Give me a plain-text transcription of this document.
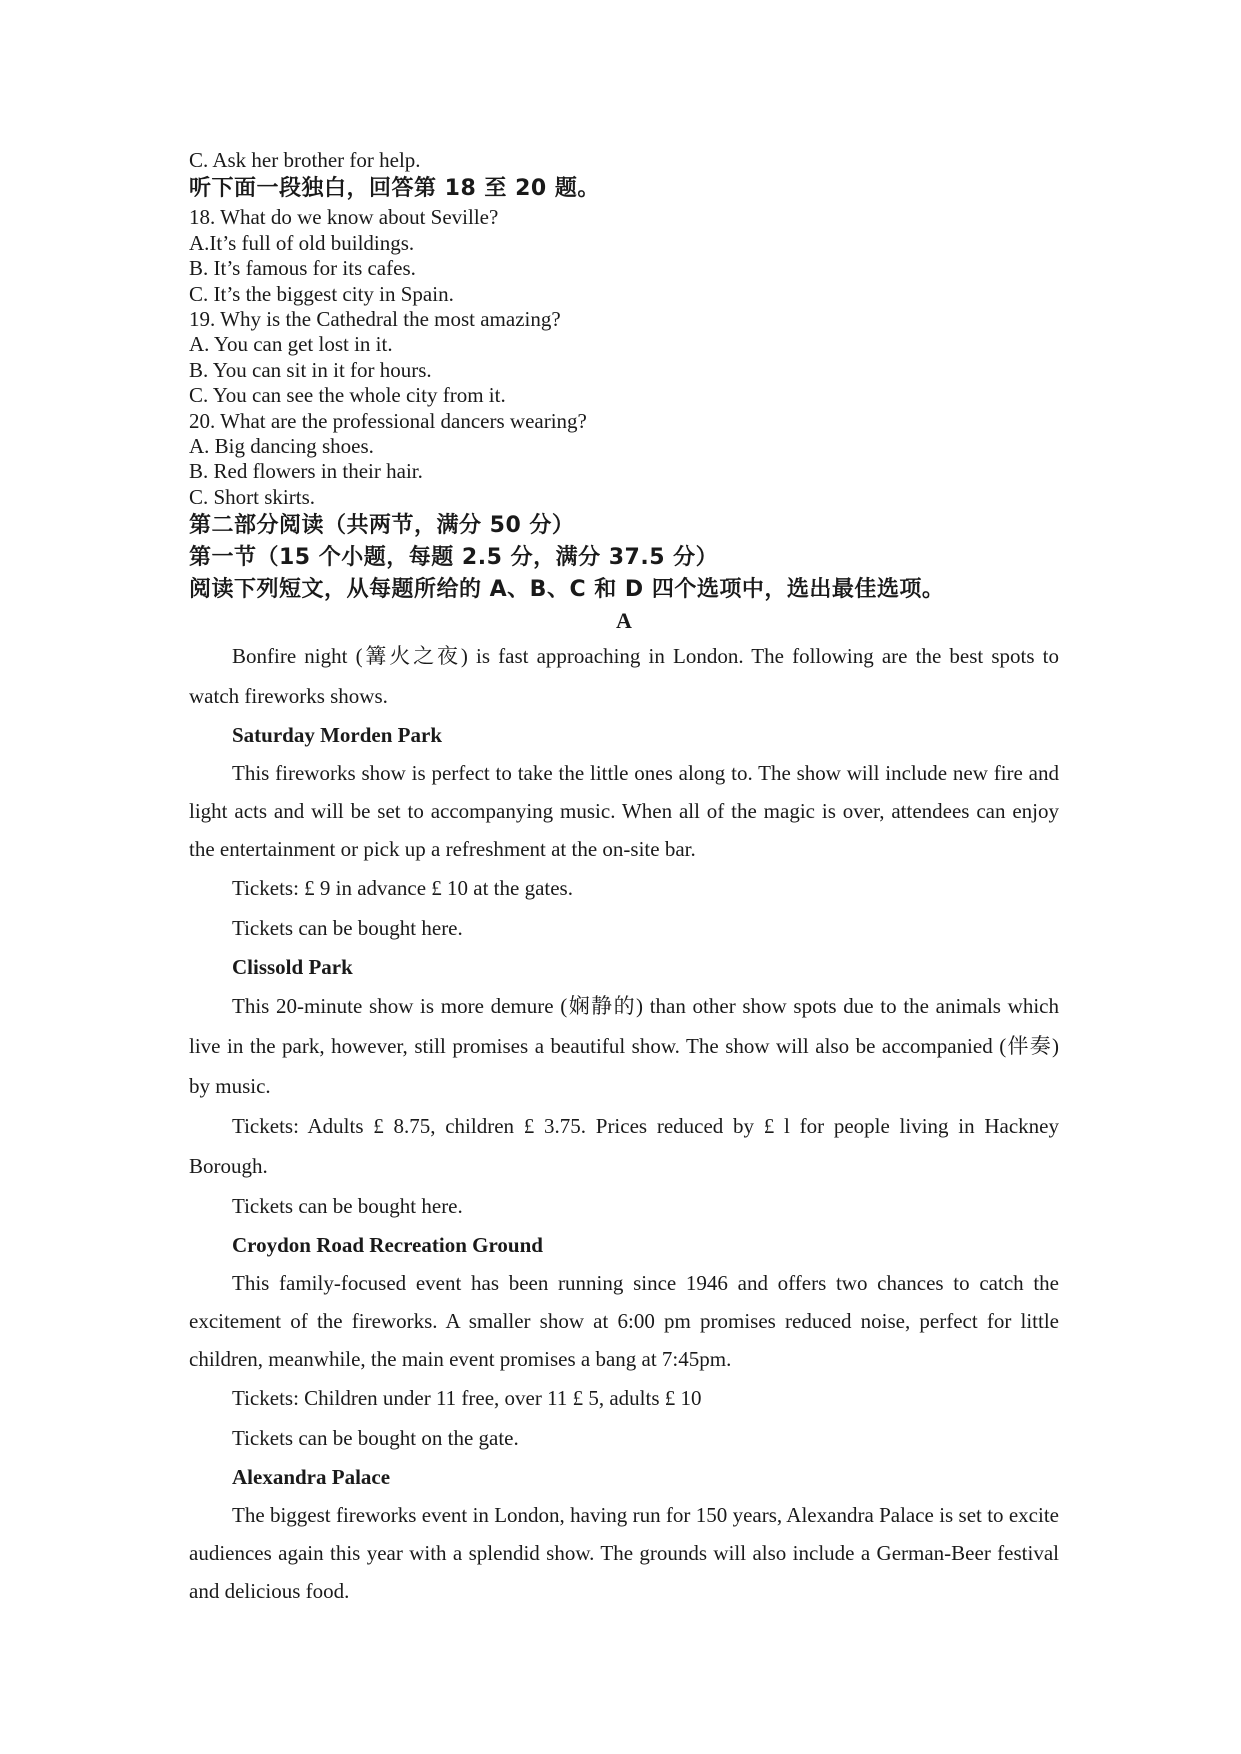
C. Ask her brother for help.
听下面一段独白，回答第 18 至 20 题。
18. What do we know about Seville?
A.It’s full of old buildings.
B. It’s famous for its cafes.
C. It’s the biggest city in Spain.
19. Why is the Cathedral the most amazing?
A. You can get lost in it.
B. You can sit in it for hours.
C. You can see the whole city from it.
20. What are the professional dancers wearing?
A. Big dancing shoes.
B. Red flowers in their hair.
C. Short skirts.
第二部分阅读（共两节，满分 50 分）
第一节（15 个小题，每题 2.5 分，满分 37.5 分）
阅读下列短文，从每题所给的 A、B、C 和 D 四个选项中，选出最佳选项。
A

Bonfire night (篝火之夜) is fast approaching in London. The following are the best spots to watch fireworks shows.

Saturday Morden Park

This fireworks show is perfect to take the little ones along to. The show will include new fire and light acts and will be set to accompanying music. When all of the magic is over, attendees can enjoy the entertainment or pick up a refreshment at the on-site bar.

Tickets: £ 9 in advance £ 10 at the gates.

Tickets can be bought here.

Clissold Park

This 20-minute show is more demure (娴静的) than other show spots due to the animals which live in the park, however, still promises a beautiful show. The show will also be accompanied (伴奏) by music.

Tickets: Adults £ 8.75, children £ 3.75. Prices reduced by £ l for people living in Hackney Borough.

Tickets can be bought here.

Croydon Road Recreation Ground

This family-focused event has been running since 1946 and offers two chances to catch the excitement of the fireworks. A smaller show at 6:00 pm promises reduced noise, perfect for little children, meanwhile, the main event promises a bang at 7:45pm.

Tickets: Children under 11 free, over 11 £ 5, adults £ 10

Tickets can be bought on the gate.

Alexandra Palace

The biggest fireworks event in London, having run for 150 years, Alexandra Palace is set to excite audiences again this year with a splendid show. The grounds will also include a German-Beer festival and delicious food.
